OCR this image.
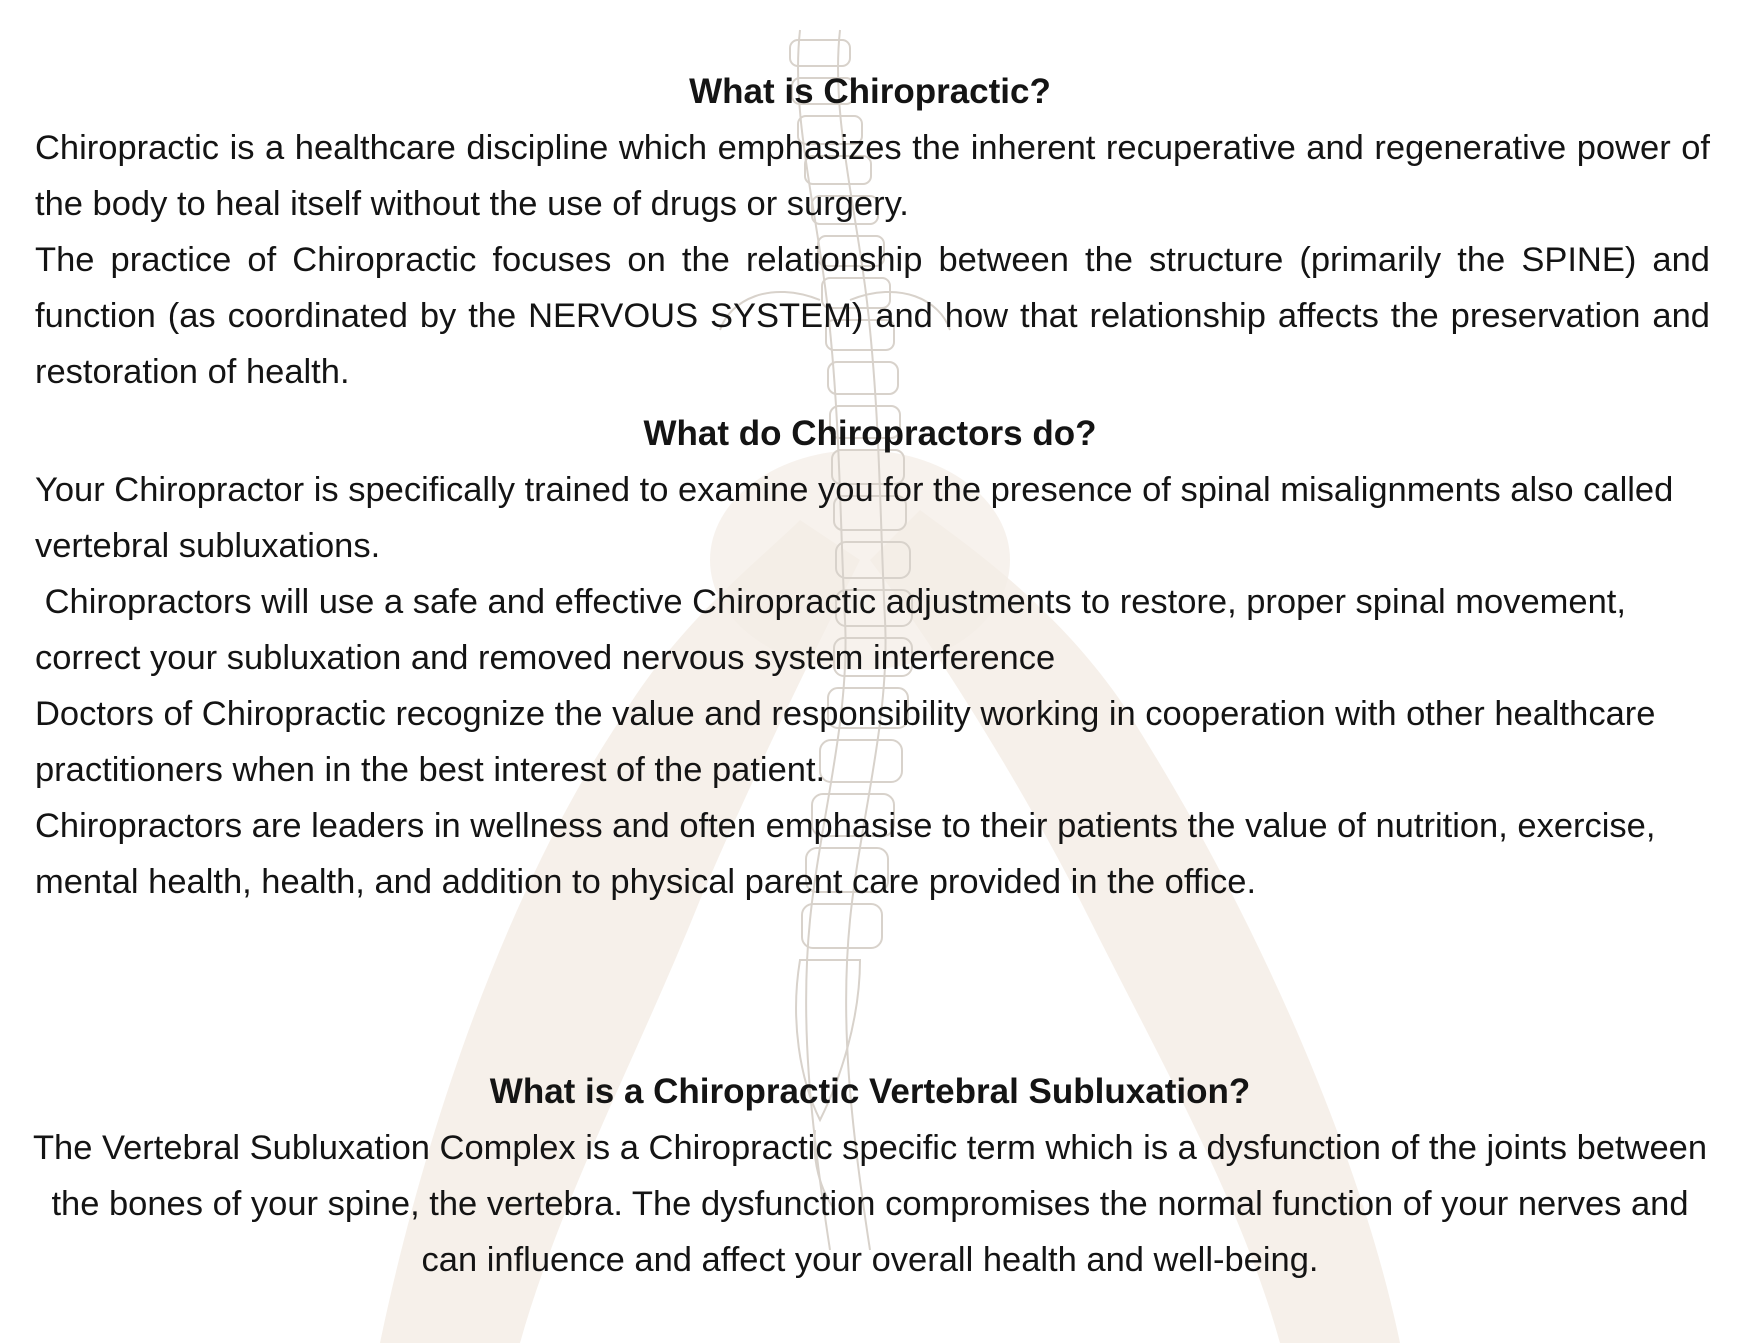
What is Chiropractic?

Chiropractic is a healthcare discipline which emphasizes the inherent recuperative and regenerative power of the body to heal itself without the use of drugs or surgery.

The practice of Chiropractic focuses on the relationship between the structure (primarily the SPINE) and function (as coordinated by the NERVOUS SYSTEM) and how that relationship affects the preservation and restoration of health.

What do Chiropractors do?

Your Chiropractor is specifically trained to examine you for the presence of spinal misalignments also called vertebral subluxations.

Chiropractors will use a safe and effective Chiropractic adjustments to restore, proper spinal movement, correct your subluxation and removed nervous system interference

Doctors of Chiropractic recognize the value and responsibility working in cooperation with other healthcare practitioners when in the best interest of the patient.

Chiropractors are leaders in wellness and often emphasise to their patients the value of nutrition, exercise, mental health, health, and addition to physical parent care provided in the office.

What is a Chiropractic Vertebral Subluxation?

The Vertebral Subluxation Complex is a Chiropractic specific term which is a dysfunction of the joints between the bones of your spine, the vertebra. The dysfunction compromises the normal function of your nerves and can influence and affect your overall health and well-being.
